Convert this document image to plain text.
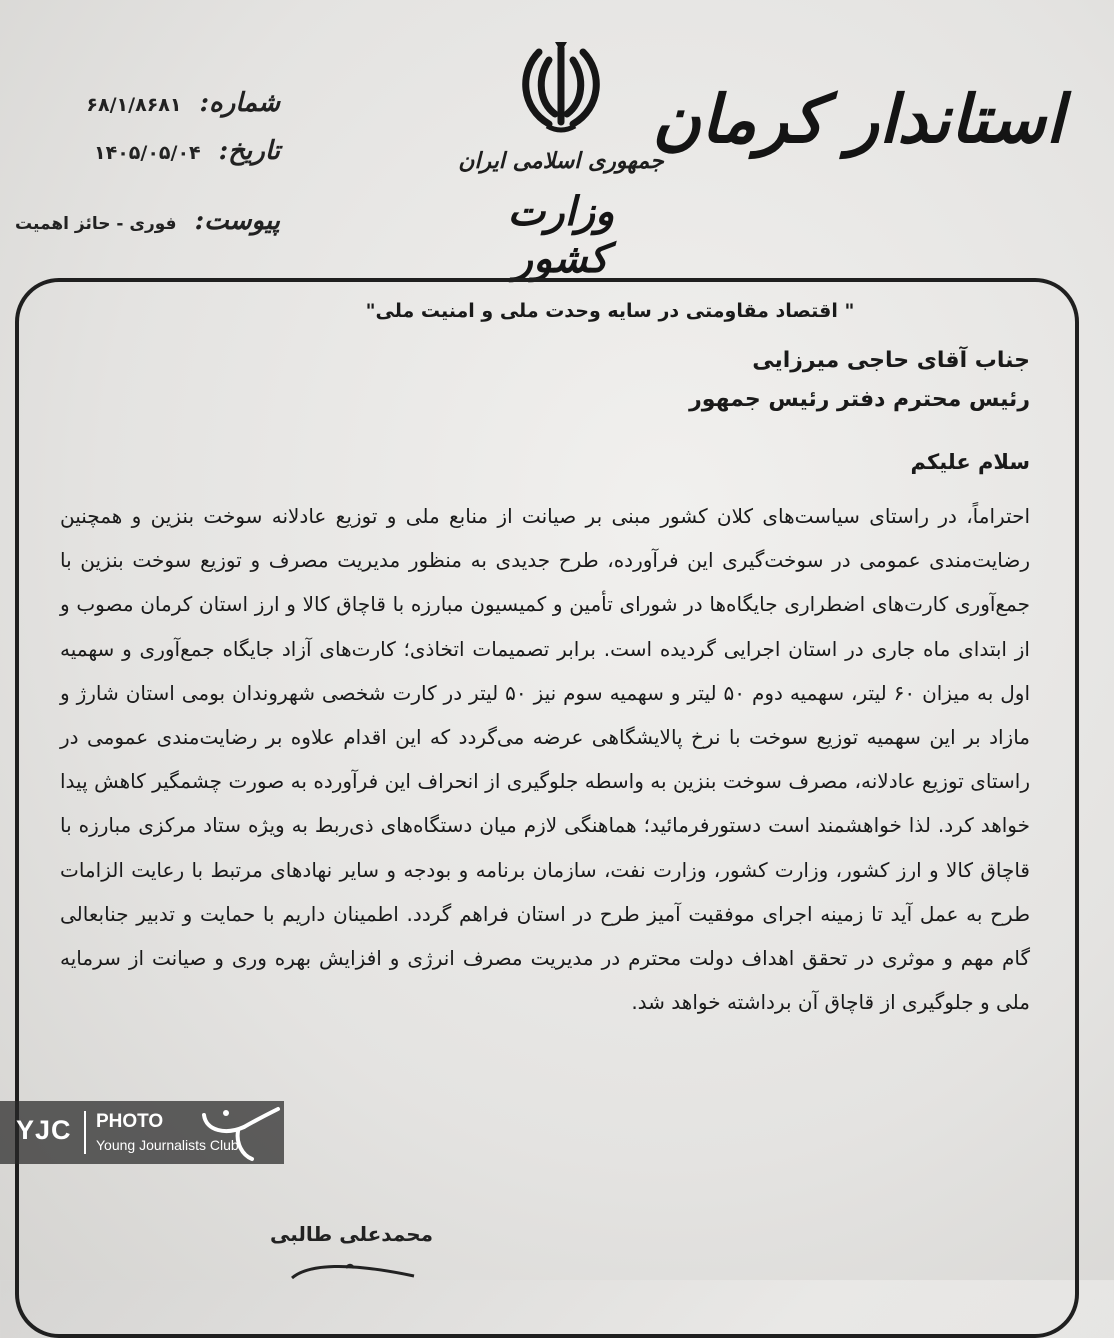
شماره:
۶۸/۱/۸۶۸۱
تاریخ:
۱۴۰۵/۰۵/۰۴
پیوست:
فوری - حائز اهمیت
جمهوری اسلامی ایران
وزارت کشور
استاندار کرمان
" اقتصاد مقاومتی در سایه وحدت ملی و امنیت ملی"
جناب آقای حاجی میرزایی
رئیس محترم دفتر رئیس جمهور
سلام علیکم

احتراماً، در راستای سیاست‌های کلان کشور مبنی بر صیانت از منابع ملی و توزیع عادلانه سوخت بنزین و همچنین رضایت‌مندی عمومی در سوخت‌گیری این فرآورده، طرح جدیدی به منظور مدیریت مصرف و توزیع سوخت بنزین با جمع‌آوری کارت‌های اضطراری جایگاه‌ها در شورای تأمین و کمیسیون مبارزه با قاچاق کالا و ارز استان کرمان مصوب و از ابتدای ماه جاری در استان اجرایی گردیده است. برابر تصمیمات اتخاذی؛ کارت‌های آزاد جایگاه جمع‌آوری و سهمیه اول به میزان ۶۰ لیتر، سهمیه دوم ۵۰ لیتر و سهمیه سوم نیز ۵۰ لیتر در کارت شخصی شهروندان بومی استان شارژ و مازاد بر این سهمیه توزیع سوخت با نرخ پالایشگاهی عرضه می‌گردد که این اقدام علاوه بر رضایت‌مندی عمومی در راستای توزیع عادلانه، مصرف سوخت بنزین به واسطه جلوگیری از انحراف این فرآورده به صورت چشمگیر کاهش پیدا خواهد کرد. لذا خواهشمند است دستورفرمائید؛ هماهنگی لازم میان دستگاه‌های ذی‌ربط به ویژه ستاد مرکزی مبارزه با قاچاق کالا و ارز کشور، وزارت کشور، وزارت نفت، سازمان برنامه و بودجه و سایر نهادهای مرتبط با رعایت الزامات طرح به عمل آید تا زمینه اجرای موفقیت آمیز طرح در استان فراهم گردد. اطمینان داریم با حمایت و تدبیر جنابعالی گام مهم و موثری در تحقق اهداف دولت محترم در مدیریت مصرف انرژی و افزایش بهره وری و صیانت از سرمایه ملی و جلوگیری از قاچاق آن برداشته خواهد شد.

محمدعلی طالبی
YJC PHOTO
Young Journalists Club
